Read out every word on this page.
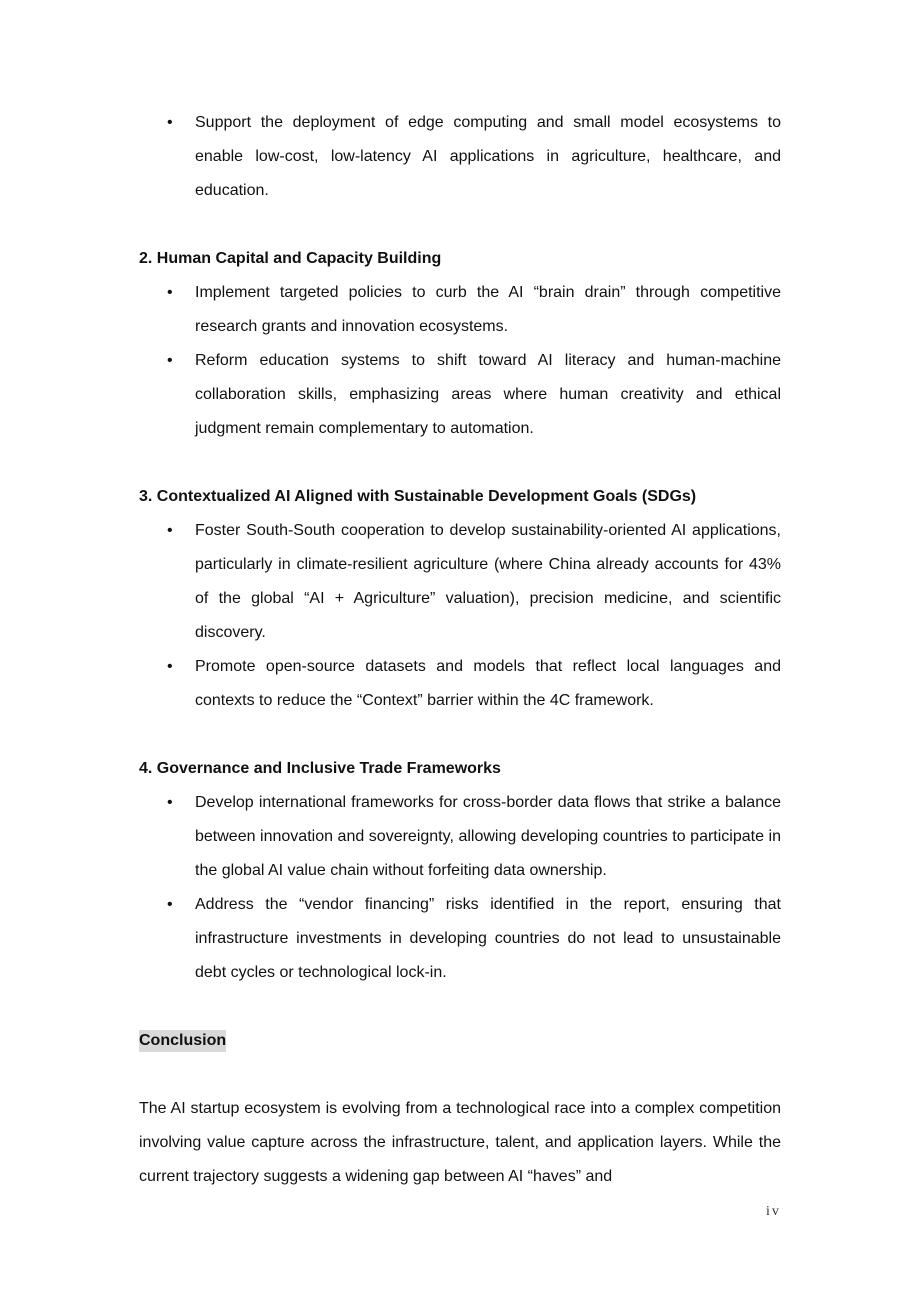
• Support the deployment of edge computing and small model ecosystems to enable low-cost, low-latency AI applications in agriculture, healthcare, and education.

2. Human Capital and Capacity Building

• Implement targeted policies to curb the AI “brain drain” through competitive research grants and innovation ecosystems.
• Reform education systems to shift toward AI literacy and human-machine collaboration skills, emphasizing areas where human creativity and ethical judgment remain complementary to automation.

3. Contextualized AI Aligned with Sustainable Development Goals (SDGs)

• Foster South-South cooperation to develop sustainability-oriented AI applications, particularly in climate-resilient agriculture (where China already accounts for 43% of the global “AI + Agriculture” valuation), precision medicine, and scientific discovery.
• Promote open-source datasets and models that reflect local languages and contexts to reduce the “Context” barrier within the 4C framework.

4. Governance and Inclusive Trade Frameworks

• Develop international frameworks for cross-border data flows that strike a balance between innovation and sovereignty, allowing developing countries to participate in the global AI value chain without forfeiting data ownership.
• Address the “vendor financing” risks identified in the report, ensuring that infrastructure investments in developing countries do not lead to unsustainable debt cycles or technological lock-in.
Conclusion

The AI startup ecosystem is evolving from a technological race into a complex competition involving value capture across the infrastructure, talent, and application layers. While the current trajectory suggests a widening gap between AI “haves” and

iv
